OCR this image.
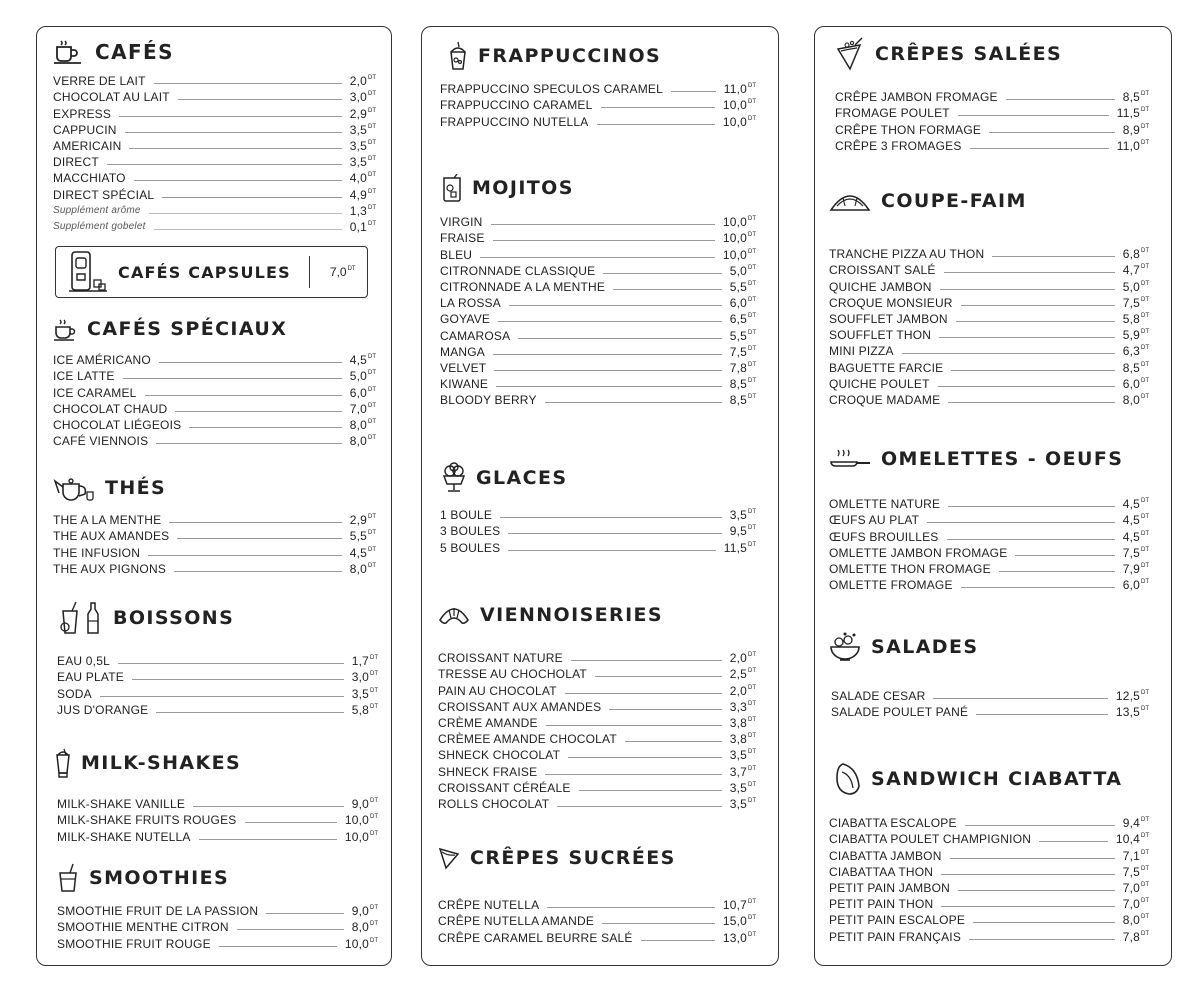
CAFÉS
VERRE DE LAIT	$2,0^{DT}$
CHOCOLAT AU LAIT	$3,0^{DT}$
EXPRESS	$2,9^{DT}$
CAPPUCIN	$3,5^{DT}$
AMERICAIN	$3,5^{DT}$
DIRECT	$3,5^{DT}$
MACCHIATO	$4,0^{DT}$
DIRECT SPÉCIAL	$4,9^{DT}$
Supplément arôme	$1,3^{DT}$
Supplément gobelet	$0,1^{DT}$
CAFÉS CAPSULES	$7,0^{DT}$
CAFÉS SPÉCIAUX
ICE AMÉRICANO	$4,5^{DT}$
ICE LATTE	$5,0^{DT}$
ICE CARAMEL	$6,0^{DT}$
CHOCOLAT CHAUD	$7,0^{DT}$
CHOCOLAT LIÉGEOIS	$8,0^{DT}$
CAFÉ VIENNOIS	$8,0^{DT}$
THÉS
THE A LA MENTHE	$2,9^{DT}$
THE AUX AMANDES	$5,5^{DT}$
THE INFUSION	$4,5^{DT}$
THE AUX PIGNONS	$8,0^{DT}$
BOISSONS
EAU 0,5L	$1,7^{DT}$
EAU PLATE	$3,0^{DT}$
SODA	$3,5^{DT}$
JUS D'ORANGE	$5,8^{DT}$
MILK-SHAKES
MILK-SHAKE VANILLE	$9,0^{DT}$
MILK-SHAKE FRUITS ROUGES	$10,0^{DT}$
MILK-SHAKE NUTELLA	$10,0^{DT}$
SMOOTHIES
SMOOTHIE FRUIT DE LA PASSION	$9,0^{DT}$
SMOOTHIE MENTHE CITRON	$8,0^{DT}$
SMOOTHIE FRUIT ROUGE	$10,0^{DT}$
FRAPPUCCINOS
FRAPPUCCINO SPECULOS CARAMEL	$11,0^{DT}$
FRAPPUCCINO CARAMEL	$10,0^{DT}$
FRAPPUCCINO NUTELLA	$10,0^{DT}$
MOJITOS
VIRGIN	$10,0^{DT}$
FRAISE	$10,0^{DT}$
BLEU	$10,0^{DT}$
CITRONNADE CLASSIQUE	$5,0^{DT}$
CITRONNADE A LA MENTHE	$5,5^{DT}$
LA ROSSA	$6,0^{DT}$
GOYAVE	$6,5^{DT}$
CAMAROSA	$5,5^{DT}$
MANGA	$7,5^{DT}$
VELVET	$7,8^{DT}$
KIWANE	$8,5^{DT}$
BLOODY BERRY	$8,5^{DT}$
GLACES
1 BOULE	$3,5^{DT}$
3 BOULES	$9,5^{DT}$
5 BOULES	$11,5^{DT}$
VIENNOISERIES
CROISSANT NATURE	$2,0^{DT}$
TRESSE AU CHOCHOLAT	$2,5^{DT}$
PAIN AU CHOCOLAT	$2,0^{DT}$
CROISSANT AUX AMANDES	$3,3^{DT}$
CRÈME AMANDE	$3,8^{DT}$
CRÈMEE AMANDE CHOCOLAT	$3,8^{DT}$
SHNECK CHOCOLAT	$3,5^{DT}$
SHNECK FRAISE	$3,7^{DT}$
CROISSANT CÉRÉALE	$3,5^{DT}$
ROLLS CHOCOLAT	$3,5^{DT}$
CRÊPES SUCRÉES
CRÊPE NUTELLA	$10,7^{DT}$
CRÊPE NUTELLA AMANDE	$15,0^{DT}$
CRÊPE CARAMEL BEURRE SALÉ	$13,0^{DT}$
CRÊPES SALÉES
CRÊPE JAMBON FROMAGE	$8,5^{DT}$
FROMAGE POULET	$11,5^{DT}$
CRÊPE THON FORMAGE	$8,9^{DT}$
CRÊPE 3 FROMAGES	$11,0^{DT}$
COUPE-FAIM
TRANCHE PIZZA AU THON	$6,8^{DT}$
CROISSANT SALÉ	$4,7^{DT}$
QUICHE JAMBON	$5,0^{DT}$
CROQUE MONSIEUR	$7,5^{DT}$
SOUFFLET JAMBON	$5,8^{DT}$
SOUFFLET THON	$5,9^{DT}$
MINI PIZZA	$6,3^{DT}$
BAGUETTE FARCIE	$8,5^{DT}$
QUICHE POULET	$6,0^{DT}$
CROQUE MADAME	$8,0^{DT}$
OMELETTES - OEUFS
OMLETTE NATURE	$4,5^{DT}$
ŒUFS AU PLAT	$4,5^{DT}$
ŒUFS BROUILLES	$4,5^{DT}$
OMLETTE JAMBON FROMAGE	$7,5^{DT}$
OMLETTE THON FROMAGE	$7,9^{DT}$
OMLETTE FROMAGE	$6,0^{DT}$
SALADES
SALADE CESAR	$12,5^{DT}$
SALADE POULET PANÉ	$13,5^{DT}$
SANDWICH CIABATTA
CIABATTA ESCALOPE	$9,4^{DT}$
CIABATTA POULET CHAMPIGNION	$10,4^{DT}$
CIABATTA JAMBON	$7,1^{DT}$
CIABATTAA THON	$7,5^{DT}$
PETIT PAIN JAMBON	$7,0^{DT}$
PETIT PAIN THON	$7,0^{DT}$
PETIT PAIN ESCALOPE	$8,0^{DT}$
PETIT PAIN FRANÇAIS	$7,8^{DT}$
